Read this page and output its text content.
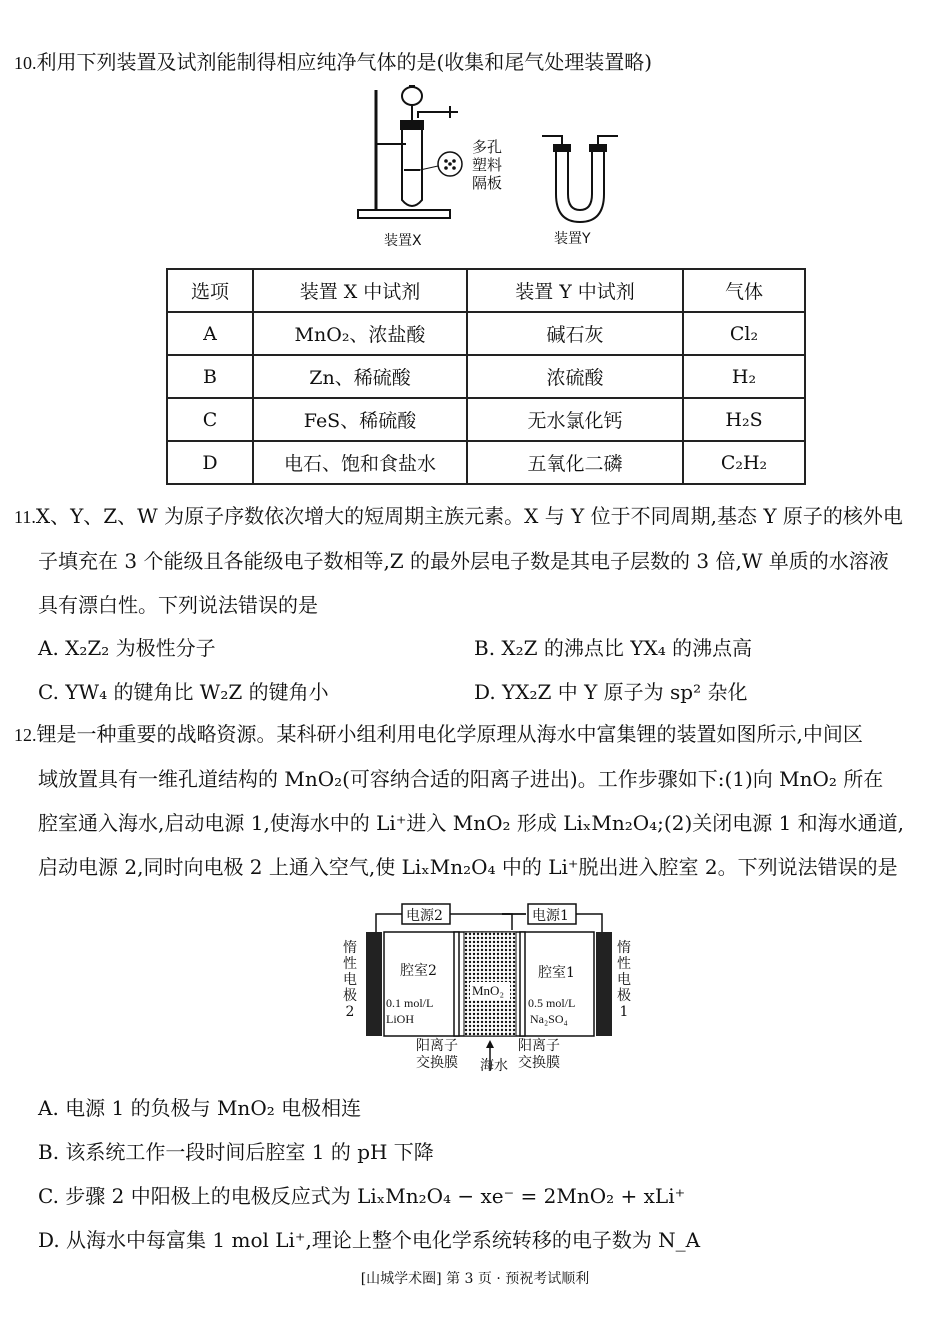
10.利用下列装置及试剂能制得相应纯净气体的是(收集和尾气处理装置略)
多孔
塑料
隔板
装置X	装置Y
选项	装置 X 中试剂	装置 Y 中试剂	气体
A	MnO₂、浓盐酸	碱石灰	Cl₂
B	Zn、稀硫酸	浓硫酸	H₂
C	FeS、稀硫酸	无水氯化钙	H₂S
D	电石、饱和食盐水	五氧化二磷	C₂H₂
11.X、Y、Z、W 为原子序数依次增大的短周期主族元素。X 与 Y 位于不同周期,基态 Y 原子的核外电
子填充在 3 个能级且各能级电子数相等,Z 的最外层电子数是其电子层数的 3 倍,W 单质的水溶液
具有漂白性。下列说法错误的是
A. X₂Z₂ 为极性分子	B. X₂Z 的沸点比 YX₄ 的沸点高
C. YW₄ 的键角比 W₂Z 的键角小	D. YX₂Z 中 Y 原子为 sp² 杂化
12.锂是一种重要的战略资源。某科研小组利用电化学原理从海水中富集锂的装置如图所示,中间区
域放置具有一维孔道结构的 MnO₂(可容纳合适的阳离子进出)。工作步骤如下:(1)向 MnO₂ 所在
腔室通入海水,启动电源 1,使海水中的 Li⁺进入 MnO₂ 形成 LiₓMn₂O₄;(2)关闭电源 1 和海水通道,
启动电源 2,同时向电极 2 上通入空气,使 LiₓMn₂O₄ 中的 Li⁺脱出进入腔室 2。下列说法错误的是
电源2	电源1
惰
性
电
极
2
惰
性
电
极
1
腔室2	腔室1
0.1 mol/L
LiOH
0.5 mol/L
Na₂SO₄
MnO₂
阳离子
交换膜 海水
阳离子
交换膜
A. 电源 1 的负极与 MnO₂ 电极相连
B. 该系统工作一段时间后腔室 1 的 pH 下降
C. 步骤 2 中阳极上的电极反应式为 LiₓMn₂O₄ − xe⁻ = 2MnO₂ + xLi⁺
D. 从海水中每富集 1 mol Li⁺,理论上整个电化学系统转移的电子数为 N_A
[山城学术圈] 第 3 页 · 预祝考试顺利
